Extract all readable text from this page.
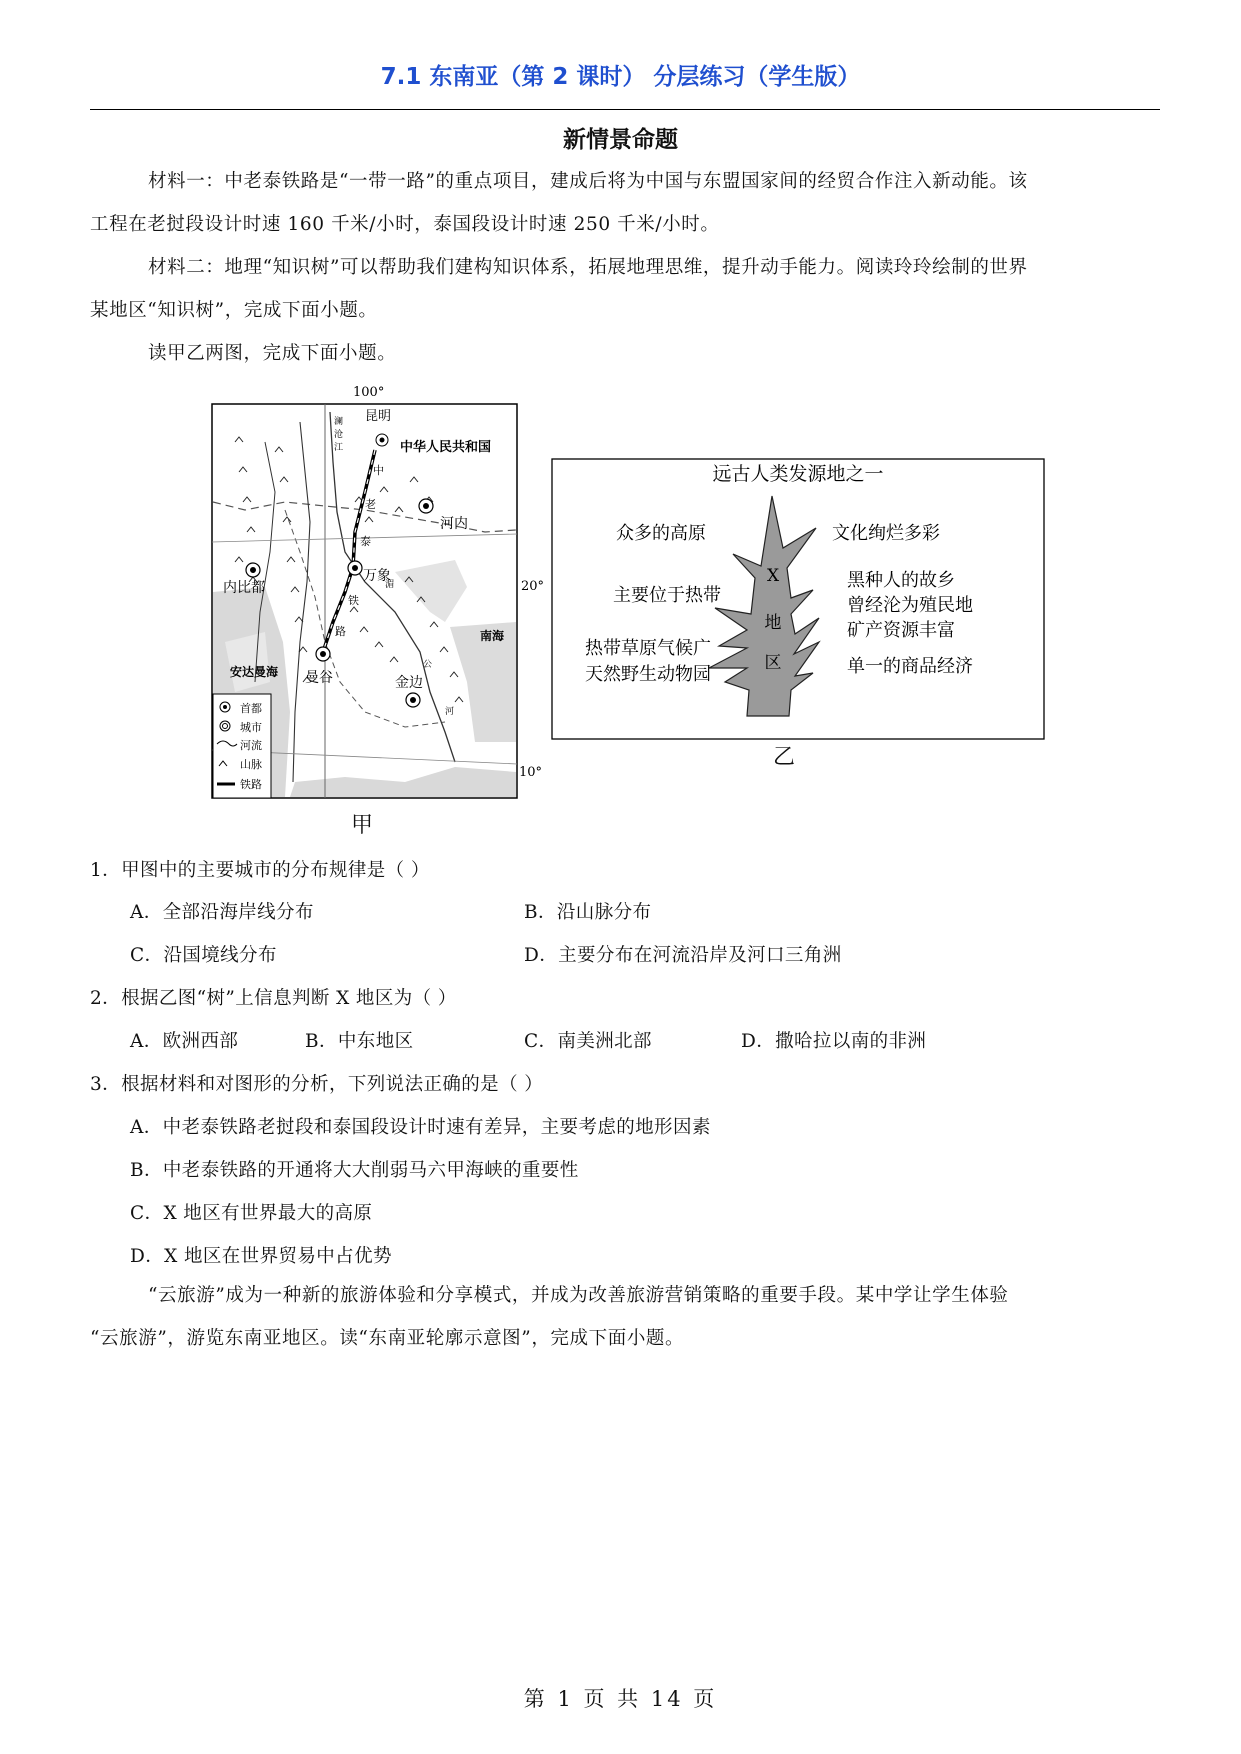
7.1 东南亚（第 2 课时） 分层练习（学生版）
新情景命题

材料一：中老泰铁路是“一带一路”的重点项目，建成后将为中国与东盟国家间的经贸合作注入新动能。该

工程在老挝段设计时速 160 千米/小时，泰国段设计时速 250 千米/小时。

材料二：地理“知识树”可以帮助我们建构知识体系，拓展地理思维，提升动手能力。阅读玲玲绘制的世界

某地区“知识树”，完成下面小题。

读甲乙两图，完成下面小题。

100°
20°
10°
中华人民共和国
昆明
澜
沧
江
中
老
泰
铁
路
内比都
河内
万象
湄
公
河
南海
安达曼海 曼谷	金边
首都
城市
河流
山脉
铁路
甲
远古人类发源地之一
X
地
区
众多的高原
主要位于热带
热带草原气候广
天然野生动物园
文化绚烂多彩
黑种人的故乡
曾经沦为殖民地
矿产资源丰富
单一的商品经济
乙
1．甲图中的主要城市的分布规律是（ ）
A．全部沿海岸线分布	B．沿山脉分布
C．沿国境线分布	D．主要分布在河流沿岸及河口三角洲
2．根据乙图“树”上信息判断 X 地区为（ ）
A．欧洲西部	B．中东地区	C．南美洲北部	D．撒哈拉以南的非洲
3．根据材料和对图形的分析，下列说法正确的是（ ）
A．中老泰铁路老挝段和泰国段设计时速有差异，主要考虑的地形因素
B．中老泰铁路的开通将大大削弱马六甲海峡的重要性
C．X 地区有世界最大的高原
D．X 地区在世界贸易中占优势

“云旅游”成为一种新的旅游体验和分享模式，并成为改善旅游营销策略的重要手段。某中学让学生体验

“云旅游”，游览东南亚地区。读“东南亚轮廓示意图”，完成下面小题。

第 1 页 共 14 页
